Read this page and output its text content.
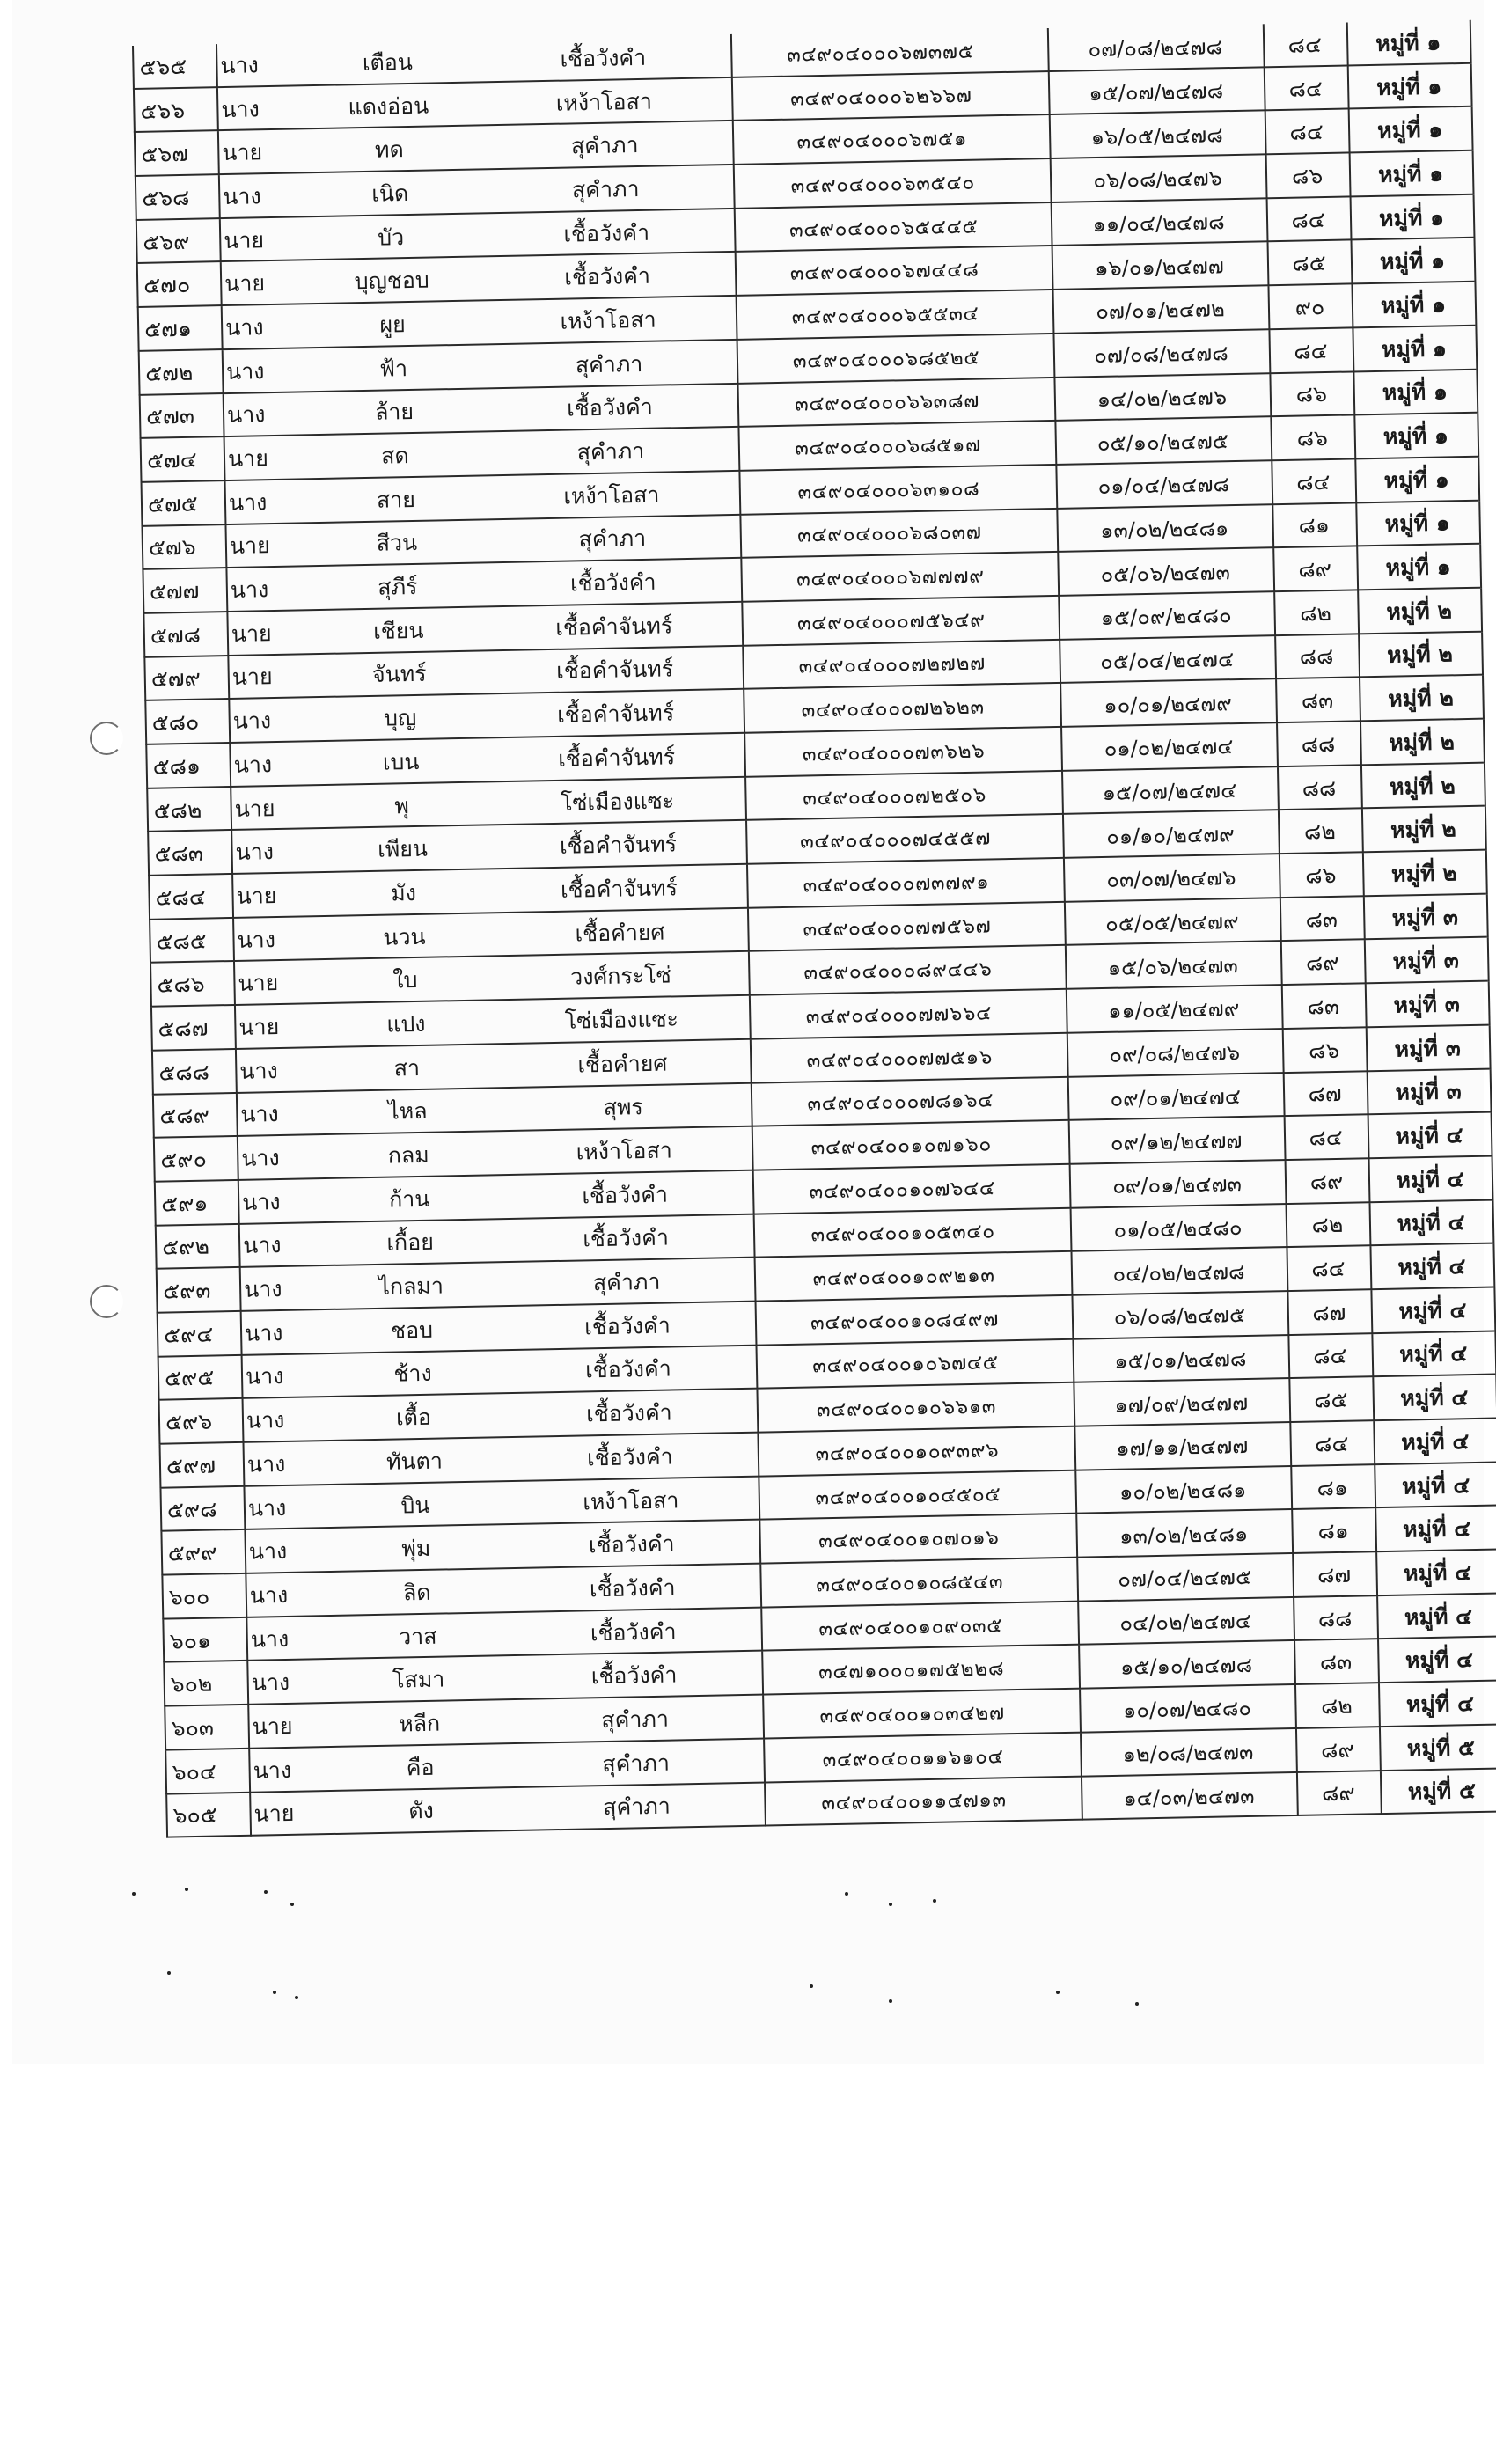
๕๖๕	นาง	เตือน	เชื้อวังคำ	๓๔๙๐๔๐๐๐๖๗๓๗๕	๐๗/๐๘/๒๔๗๘	๘๔	หมู่ที่ ๑
๕๖๖	นาง	แดงอ่อน	เหง้าโอสา	๓๔๙๐๔๐๐๐๖๒๖๖๗	๑๕/๐๗/๒๔๗๘	๘๔	หมู่ที่ ๑
๕๖๗	นาย	ทด	สุคำภา	๓๔๙๐๔๐๐๐๖๗๕๑	๑๖/๐๕/๒๔๗๘	๘๔	หมู่ที่ ๑
๕๖๘	นาง	เนิด	สุคำภา	๓๔๙๐๔๐๐๐๖๓๕๔๐	๐๖/๐๘/๒๔๗๖	๘๖	หมู่ที่ ๑
๕๖๙	นาย	บัว	เชื้อวังคำ	๓๔๙๐๔๐๐๐๖๕๔๔๕	๑๑/๐๔/๒๔๗๘	๘๔	หมู่ที่ ๑
๕๗๐	นาย	บุญชอบ	เชื้อวังคำ	๓๔๙๐๔๐๐๐๖๗๔๔๘	๑๖/๐๑/๒๔๗๗	๘๕	หมู่ที่ ๑
๕๗๑	นาง	ผูย	เหง้าโอสา	๓๔๙๐๔๐๐๐๖๕๕๓๔	๐๗/๐๑/๒๔๗๒	๙๐	หมู่ที่ ๑
๕๗๒	นาง	ฟ้า	สุคำภา	๓๔๙๐๔๐๐๐๖๘๕๒๕	๐๗/๐๘/๒๔๗๘	๘๔	หมู่ที่ ๑
๕๗๓	นาง	ล้าย	เชื้อวังคำ	๓๔๙๐๔๐๐๐๖๖๓๘๗	๑๔/๐๒/๒๔๗๖	๘๖	หมู่ที่ ๑
๕๗๔	นาย	สด	สุคำภา	๓๔๙๐๔๐๐๐๖๘๕๑๗	๐๕/๑๐/๒๔๗๕	๘๖	หมู่ที่ ๑
๕๗๕	นาง	สาย	เหง้าโอสา	๓๔๙๐๔๐๐๐๖๓๑๐๘	๐๑/๐๔/๒๔๗๘	๘๔	หมู่ที่ ๑
๕๗๖	นาย	สีวน	สุคำภา	๓๔๙๐๔๐๐๐๖๘๐๓๗	๑๓/๐๒/๒๔๘๑	๘๑	หมู่ที่ ๑
๕๗๗	นาง	สุภีร์	เชื้อวังคำ	๓๔๙๐๔๐๐๐๖๗๗๗๙	๐๕/๐๖/๒๔๗๓	๘๙	หมู่ที่ ๑
๕๗๘	นาย	เชียน	เชื้อคำจันทร์	๓๔๙๐๔๐๐๐๗๕๖๔๙	๑๕/๐๙/๒๔๘๐	๘๒	หมู่ที่ ๒
๕๗๙	นาย	จันทร์	เชื้อคำจันทร์	๓๔๙๐๔๐๐๐๗๒๗๒๗	๐๕/๐๔/๒๔๗๔	๘๘	หมู่ที่ ๒
๕๘๐	นาง	บุญ	เชื้อคำจันทร์	๓๔๙๐๔๐๐๐๗๒๖๒๓	๑๐/๐๑/๒๔๗๙	๘๓	หมู่ที่ ๒
๕๘๑	นาง	เบน	เชื้อคำจันทร์	๓๔๙๐๔๐๐๐๗๓๖๒๖	๐๑/๐๒/๒๔๗๔	๘๘	หมู่ที่ ๒
๕๘๒	นาย	พุ	โซ่เมืองแซะ	๓๔๙๐๔๐๐๐๗๒๕๐๖	๑๕/๐๗/๒๔๗๔	๘๘	หมู่ที่ ๒
๕๘๓	นาง	เพียน	เชื้อคำจันทร์	๓๔๙๐๔๐๐๐๗๔๕๕๗	๐๑/๑๐/๒๔๗๙	๘๒	หมู่ที่ ๒
๕๘๔	นาย	มัง	เชื้อคำจันทร์	๓๔๙๐๔๐๐๐๗๓๗๙๑	๐๓/๐๗/๒๔๗๖	๘๖	หมู่ที่ ๒
๕๘๕	นาง	นวน	เชื้อคำยศ	๓๔๙๐๔๐๐๐๗๗๕๖๗	๐๕/๐๕/๒๔๗๙	๘๓	หมู่ที่ ๓
๕๘๖	นาย	ใบ	วงศ์กระโซ่	๓๔๙๐๔๐๐๐๘๙๔๔๖	๑๕/๐๖/๒๔๗๓	๘๙	หมู่ที่ ๓
๕๘๗	นาย	แปง	โซ่เมืองแซะ	๓๔๙๐๔๐๐๐๗๗๖๖๔	๑๑/๐๕/๒๔๗๙	๘๓	หมู่ที่ ๓
๕๘๘	นาง	สา	เชื้อคำยศ	๓๔๙๐๔๐๐๐๗๗๕๑๖	๐๙/๐๘/๒๔๗๖	๘๖	หมู่ที่ ๓
๕๘๙	นาง	ไหล	สุพร	๓๔๙๐๔๐๐๐๗๘๑๖๔	๐๙/๐๑/๒๔๗๔	๘๗	หมู่ที่ ๓
๕๙๐	นาง	กลม	เหง้าโอสา	๓๔๙๐๔๐๐๑๐๗๑๖๐	๐๙/๑๒/๒๔๗๗	๘๔	หมู่ที่ ๔
๕๙๑	นาง	ก้าน	เชื้อวังคำ	๓๔๙๐๔๐๐๑๐๗๖๔๔	๐๙/๐๑/๒๔๗๓	๘๙	หมู่ที่ ๔
๕๙๒	นาง	เกื้อย	เชื้อวังคำ	๓๔๙๐๔๐๐๑๐๕๓๔๐	๐๑/๐๕/๒๔๘๐	๘๒	หมู่ที่ ๔
๕๙๓	นาง	ไกลมา	สุคำภา	๓๔๙๐๔๐๐๑๐๙๒๑๓	๐๔/๐๒/๒๔๗๘	๘๔	หมู่ที่ ๔
๕๙๔	นาง	ชอบ	เชื้อวังคำ	๓๔๙๐๔๐๐๑๐๘๔๙๗	๐๖/๐๘/๒๔๗๕	๘๗	หมู่ที่ ๔
๕๙๕	นาง	ช้าง	เชื้อวังคำ	๓๔๙๐๔๐๐๑๐๖๗๔๕	๑๕/๐๑/๒๔๗๘	๘๔	หมู่ที่ ๔
๕๙๖	นาง	เตื้อ	เชื้อวังคำ	๓๔๙๐๔๐๐๑๐๖๖๑๓	๑๗/๐๙/๒๔๗๗	๘๕	หมู่ที่ ๔
๕๙๗	นาง	ทันตา	เชื้อวังคำ	๓๔๙๐๔๐๐๑๐๙๓๙๖	๑๗/๑๑/๒๔๗๗	๘๔	หมู่ที่ ๔
๕๙๘	นาง	บิน	เหง้าโอสา	๓๔๙๐๔๐๐๑๐๔๕๐๕	๑๐/๐๒/๒๔๘๑	๘๑	หมู่ที่ ๔
๕๙๙	นาง	พุ่ม	เชื้อวังคำ	๓๔๙๐๔๐๐๑๐๗๐๑๖	๑๓/๐๒/๒๔๘๑	๘๑	หมู่ที่ ๔
๖๐๐	นาง	ลิด	เชื้อวังคำ	๓๔๙๐๔๐๐๑๐๘๕๔๓	๐๗/๐๔/๒๔๗๕	๘๗	หมู่ที่ ๔
๖๐๑	นาง	วาส	เชื้อวังคำ	๓๔๙๐๔๐๐๑๐๙๐๓๕	๐๔/๐๒/๒๔๗๔	๘๘	หมู่ที่ ๔
๖๐๒	นาง	โสมา	เชื้อวังคำ	๓๔๗๑๐๐๐๑๗๕๒๒๘	๑๕/๑๐/๒๔๗๘	๘๓	หมู่ที่ ๔
๖๐๓	นาย	หลีก	สุคำภา	๓๔๙๐๔๐๐๑๐๓๔๒๗	๑๐/๐๗/๒๔๘๐	๘๒	หมู่ที่ ๔
๖๐๔	นาง	คือ	สุคำภา	๓๔๙๐๔๐๐๑๑๖๑๐๔	๑๒/๐๘/๒๔๗๓	๘๙	หมู่ที่ ๕
๖๐๕	นาย	ตัง	สุคำภา	๓๔๙๐๔๐๐๑๑๔๗๑๓	๑๔/๐๓/๒๔๗๓	๘๙	หมู่ที่ ๕
